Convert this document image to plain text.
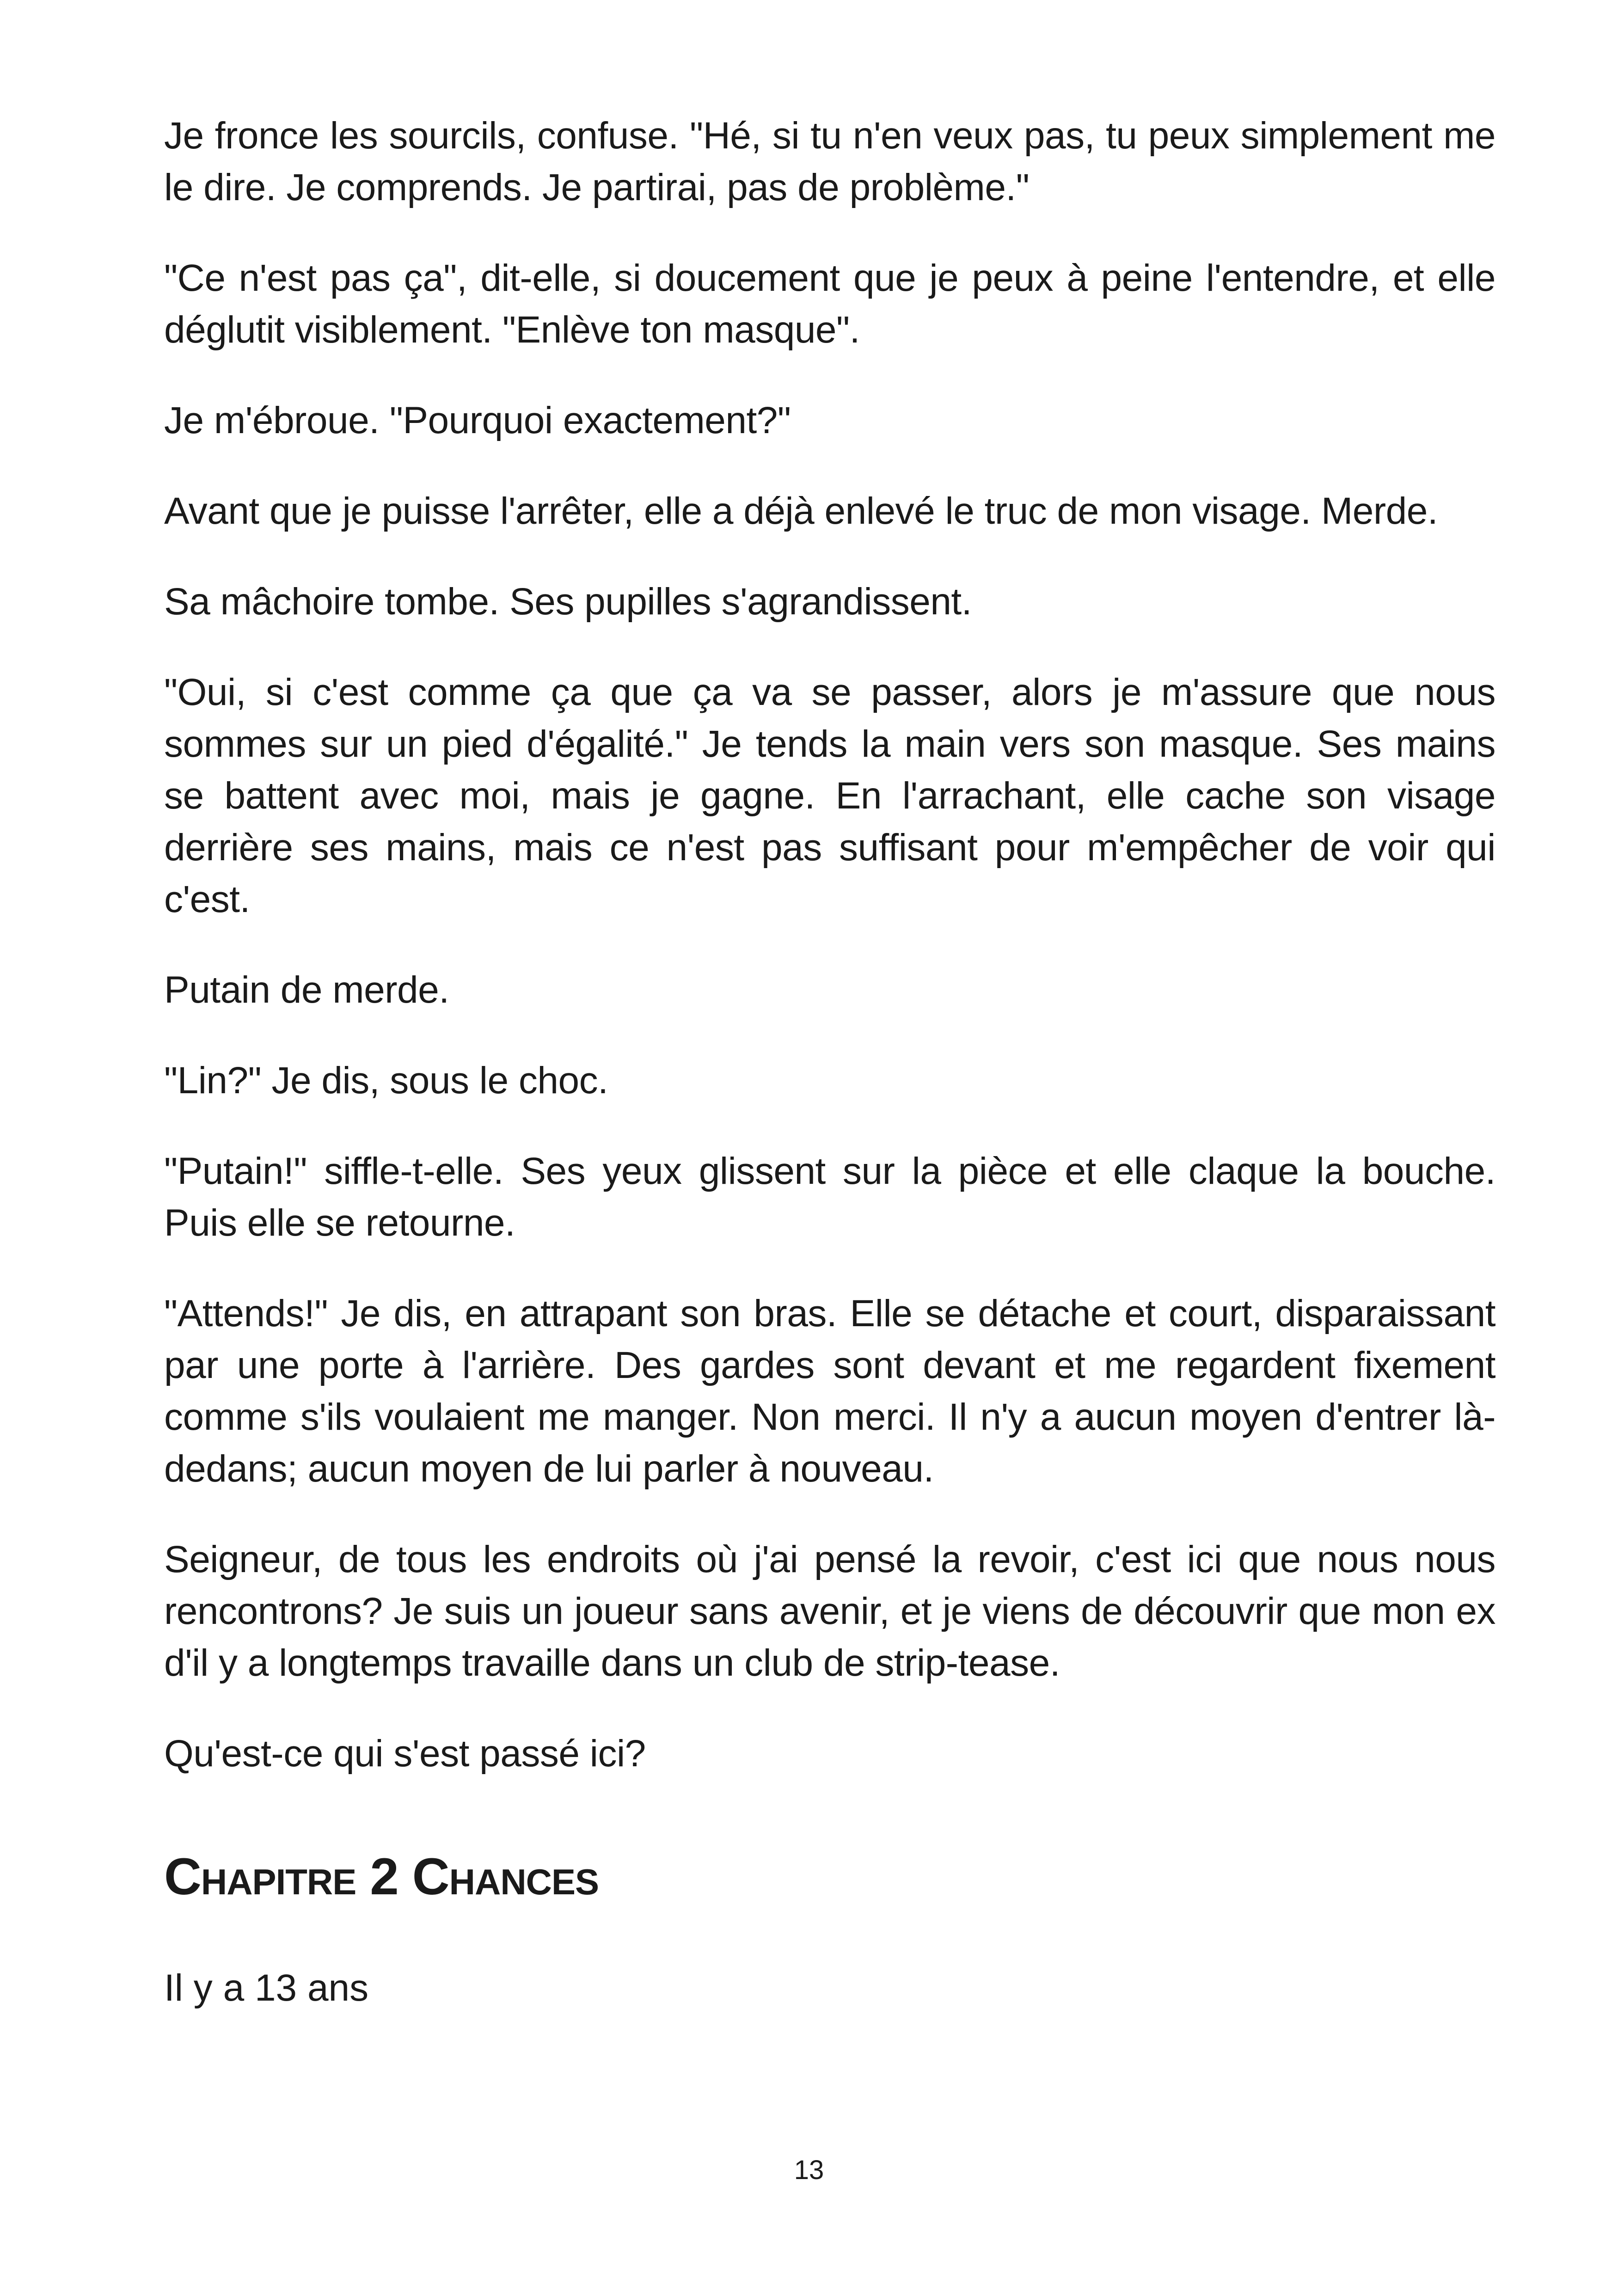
Je fronce les sourcils, confuse. "Hé, si tu n'en veux pas, tu peux simplement me le dire. Je comprends. Je partirai, pas de problème."

"Ce n'est pas ça", dit-elle, si doucement que je peux à peine l'entendre, et elle déglutit visiblement. "Enlève ton masque".

Je m'ébroue. "Pourquoi exactement?"

Avant que je puisse l'arrêter, elle a déjà enlevé le truc de mon visage. Merde.

Sa mâchoire tombe. Ses pupilles s'agrandissent.

"Oui, si c'est comme ça que ça va se passer, alors je m'assure que nous sommes sur un pied d'égalité." Je tends la main vers son masque. Ses mains se battent avec moi, mais je gagne. En l'arrachant, elle cache son visage derrière ses mains, mais ce n'est pas suffisant pour m'empêcher de voir qui c'est.

Putain de merde.

"Lin?" Je dis, sous le choc.

"Putain!" siffle-t-elle. Ses yeux glissent sur la pièce et elle claque la bouche. Puis elle se retourne.

"Attends!" Je dis, en attrapant son bras. Elle se détache et court, disparaissant par une porte à l'arrière. Des gardes sont devant et me regardent fixement comme s'ils voulaient me manger. Non merci. Il n'y a aucun moyen d'entrer là-dedans; aucun moyen de lui parler à nouveau.

Seigneur, de tous les endroits où j'ai pensé la revoir, c'est ici que nous nous rencontrons? Je suis un joueur sans avenir, et je viens de découvrir que mon ex d'il y a longtemps travaille dans un club de strip-tease.

Qu'est-ce qui s'est passé ici?

Chapitre 2 Chances

Il y a 13 ans

13
